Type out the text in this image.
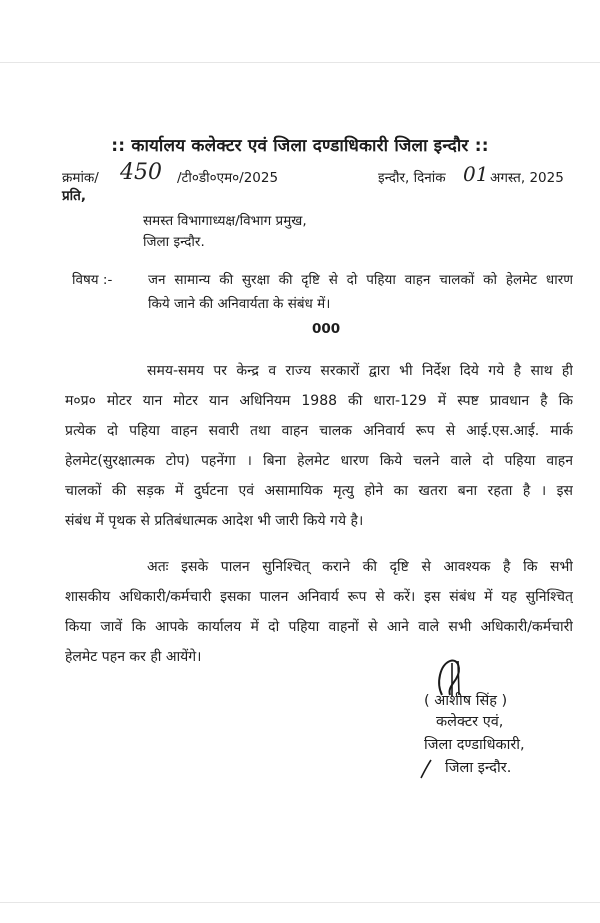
:: कार्यालय कलेक्टर एवं जिला दण्डाधिकारी जिला इन्दौर ::
क्रमांक/ 450 /टी०डी०एम०/2025	इन्दौर, दिनांक 01 अगस्त, 2025
प्रति,
समस्त विभागाध्यक्ष/विभाग प्रमुख,
जिला इन्दौर.
विषय :-	जन सामान्य की सुरक्षा की दृष्टि से दो पहिया वाहन चालकों को हेलमेट धारण
किये जाने की अनिवार्यता के संबंध में।
000
समय-समय पर केन्द्र व राज्य सरकारों द्वारा भी निर्देश दिये गये है साथ ही
म०प्र० मोटर यान मोटर यान अधिनियम 1988 की धारा-129 में स्पष्ट प्रावधान है कि
प्रत्येक दो पहिया वाहन सवारी तथा वाहन चालक अनिवार्य रूप से आई.एस.आई. मार्क
हेलमेट(सुरक्षात्मक टोप) पहनेंगा । बिना हेलमेट धारण किये चलने वाले दो पहिया वाहन
चालकों की सड़क में दुर्घटना एवं असामायिक मृत्यु होने का खतरा बना रहता है । इस
संबंध में पृथक से प्रतिबंधात्मक आदेश भी जारी किये गये है।
अतः इसके पालन सुनिश्चित् कराने की दृष्टि से आवश्यक है कि सभी
शासकीय अधिकारी/कर्मचारी इसका पालन अनिवार्य रूप से करें। इस संबंध में यह सुनिश्चित्
किया जावें कि आपके कार्यालय में दो पहिया वाहनों से आने वाले सभी अधिकारी/कर्मचारी
हेलमेट पहन कर ही आयेंगे।
( आशीष सिंह )
कलेक्टर एवं,
जिला दण्डाधिकारी,
जिला इन्दौर.
